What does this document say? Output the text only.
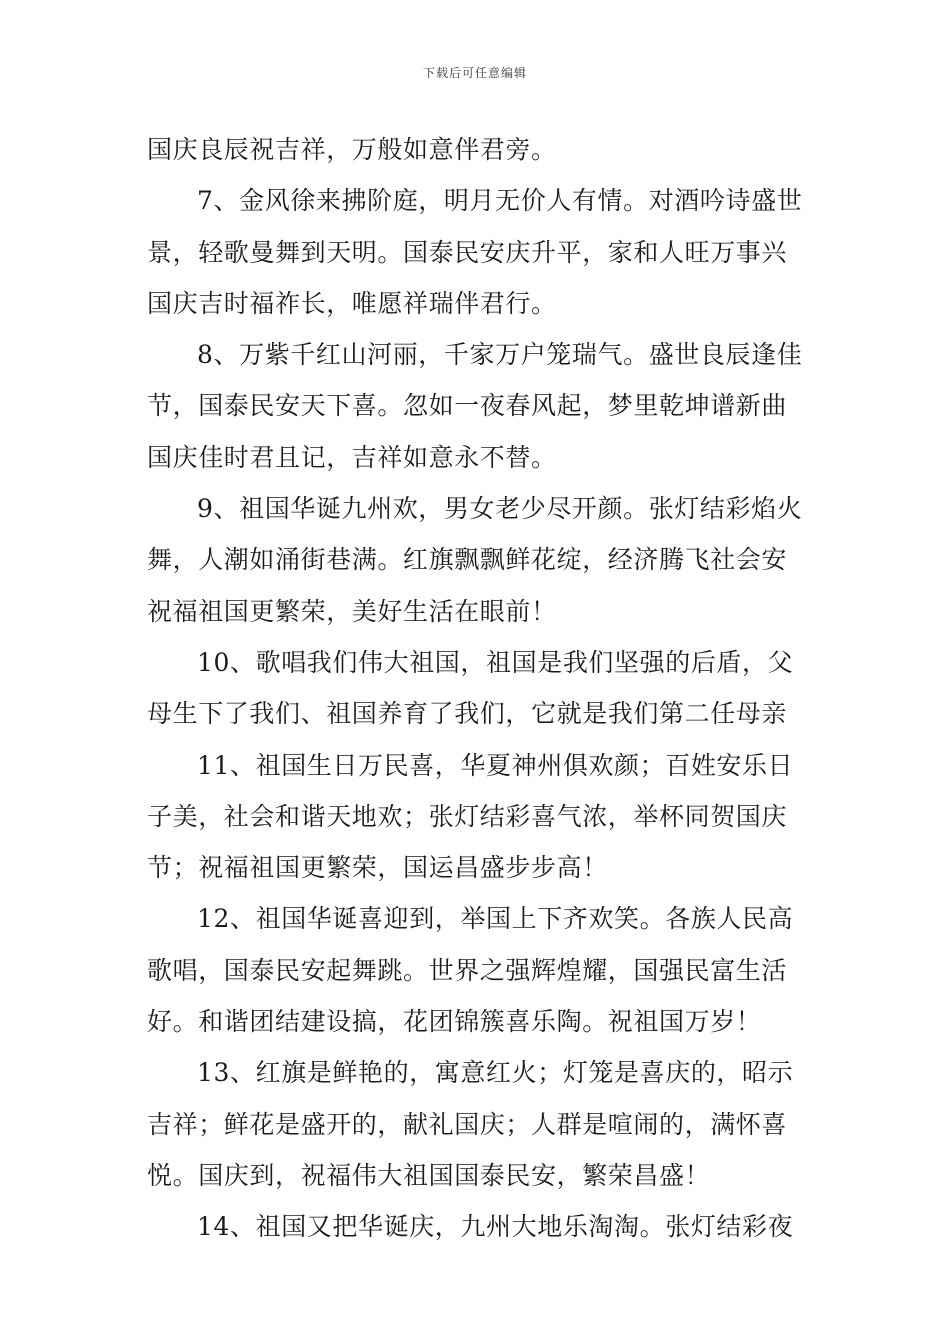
下载后可任意编辑
国庆良辰祝吉祥，万般如意伴君旁。
7、金风徐来拂阶庭，明月无价人有情。对酒吟诗盛世
景，轻歌曼舞到天明。国泰民安庆升平，家和人旺万事兴
国庆吉时福祚长，唯愿祥瑞伴君行。
8、万紫千红山河丽，千家万户笼瑞气。盛世良辰逢佳
节，国泰民安天下喜。忽如一夜春风起，梦里乾坤谱新曲
国庆佳时君且记，吉祥如意永不替。
9、祖国华诞九州欢，男女老少尽开颜。张灯结彩焰火
舞，人潮如涌街巷满。红旗飘飘鲜花绽，经济腾飞社会安
祝福祖国更繁荣，美好生活在眼前！
10、歌唱我们伟大祖国，祖国是我们坚强的后盾，父
母生下了我们、祖国养育了我们，它就是我们第二任母亲
11、祖国生日万民喜，华夏神州俱欢颜；百姓安乐日
子美，社会和谐天地欢；张灯结彩喜气浓，举杯同贺国庆
节；祝福祖国更繁荣，国运昌盛步步高！
12、祖国华诞喜迎到，举国上下齐欢笑。各族人民高
歌唱，国泰民安起舞跳。世界之强辉煌耀，国强民富生活
好。和谐团结建设搞，花团锦簇喜乐陶。祝祖国万岁！
13、红旗是鲜艳的，寓意红火；灯笼是喜庆的，昭示
吉祥；鲜花是盛开的，献礼国庆；人群是喧闹的，满怀喜
悦。国庆到，祝福伟大祖国国泰民安，繁荣昌盛！
14、祖国又把华诞庆，九州大地乐淘淘。张灯结彩夜
